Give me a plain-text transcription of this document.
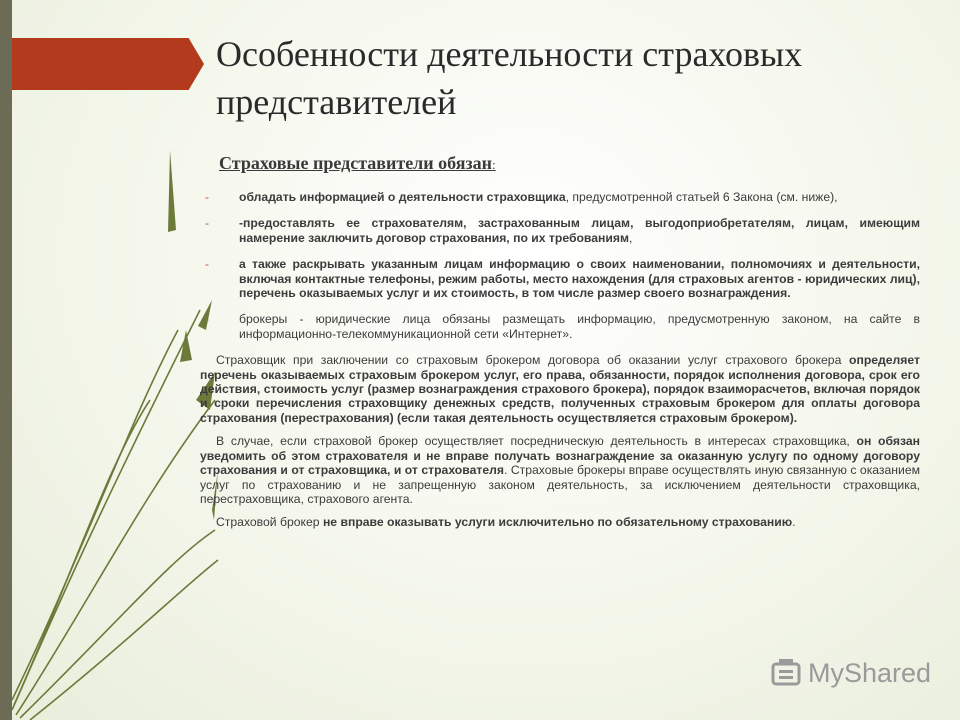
Особенности деятельности страховых
представителей
Страховые представители обязан:
- обладать информацией о деятельности страховщика, предусмотренной статьей 6 Закона (см. ниже),
- -предоставлять ее страхователям, застрахованным лицам, выгодоприобретателям, лицам, имеющим намерение заключить договор страхования, по их требованиям,
- а также раскрывать указанным лицам информацию о своих наименовании, полномочиях и деятельности, включая контактные телефоны, режим работы, место нахождения (для страховых агентов - юридических лиц), перечень оказываемых услуг и их стоимость, в том числе размер своего вознаграждения.
- брокеры - юридические лица обязаны размещать информацию, предусмотренную законом, на сайте в информационно-телекоммуникационной сети «Интернет».

Страховщик при заключении со страховым брокером договора об оказании услуг страхового брокера определяет перечень оказываемых страховым брокером услуг, его права, обязанности, порядок исполнения договора, срок его действия, стоимость услуг (размер вознаграждения страхового брокера), порядок взаиморасчетов, включая порядок и сроки перечисления страховщику денежных средств, полученных страховым брокером для оплаты договора страхования (перестрахования) (если такая деятельность осуществляется страховым брокером).

В случае, если страховой брокер осуществляет посредническую деятельность в интересах страховщика, он обязан уведомить об этом страхователя и не вправе получать вознаграждение за оказанную услугу по одному договору страхования и от страховщика, и от страхователя. Страховые брокеры вправе осуществлять иную связанную с оказанием услуг по страхованию и не запрещенную законом деятельность, за исключением деятельности страховщика, перестраховщика, страхового агента.

Страховой брокер не вправе оказывать услуги исключительно по обязательному страхованию.

MyShared
